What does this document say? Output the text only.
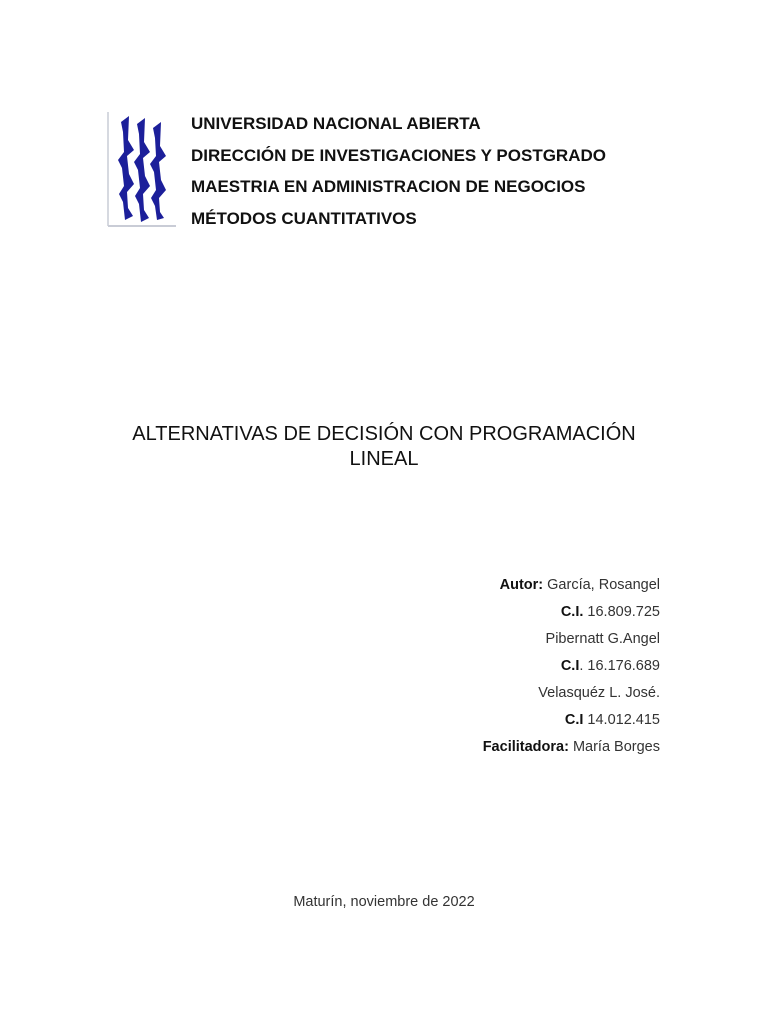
UNIVERSIDAD NACIONAL ABIERTA
DIRECCIÓN DE INVESTIGACIONES Y POSTGRADO
MAESTRIA EN ADMINISTRACION DE NEGOCIOS
MÉTODOS CUANTITATIVOS
ALTERNATIVAS DE DECISIÓN CON PROGRAMACIÓN
LINEAL
Autor: García, Rosangel
C.I. 16.809.725
Pibernatt G.Angel
C.I. 16.176.689
Velasquéz L. José.
C.I 14.012.415
Facilitadora: María Borges
Maturín, noviembre de 2022
